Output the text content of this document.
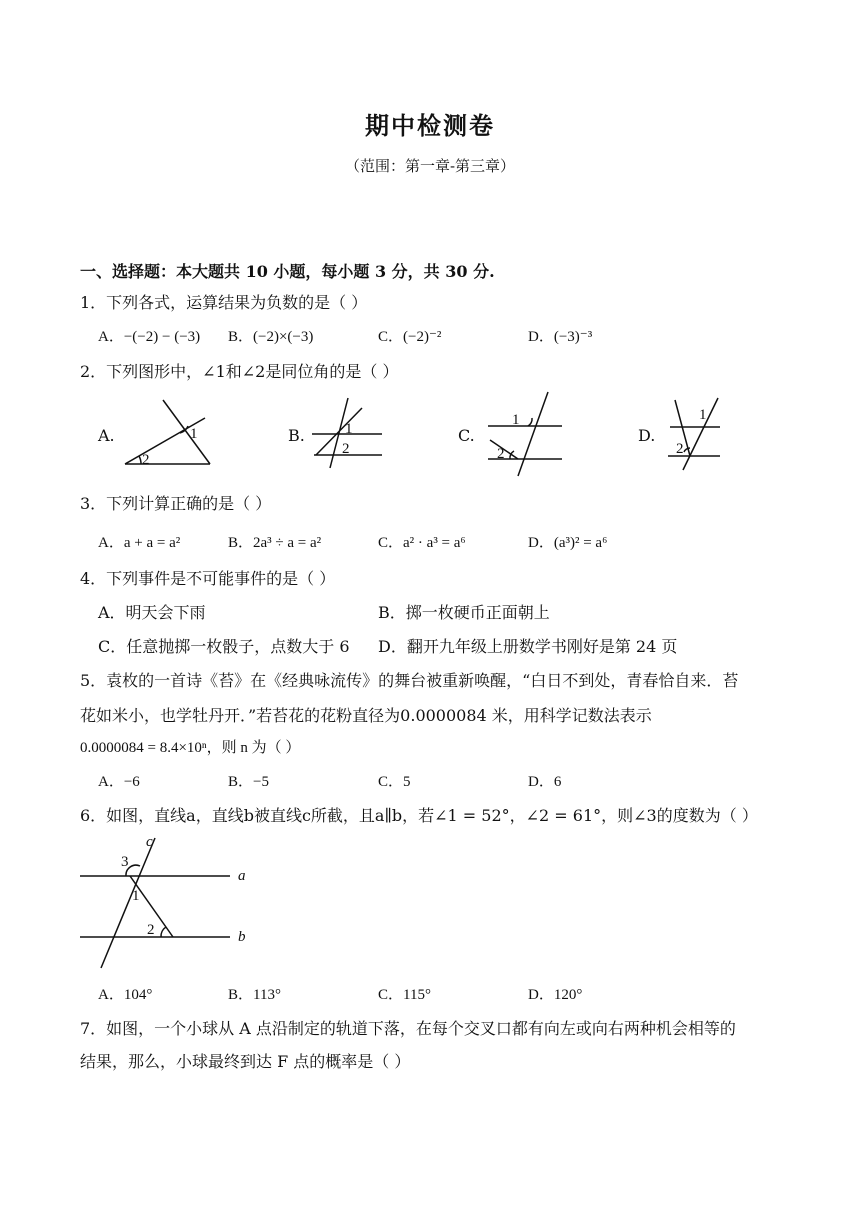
期中检测卷
（范围：第一章-第三章）
一、选择题：本大题共 10 小题，每小题 3 分，共 30 分.
1．下列各式，运算结果为负数的是（ ）
A．−(−2) − (−3) B．(−2)×(−3)	C．(−2)⁻²	D．(−3)⁻³
2．下列图形中，∠1和∠2是同位角的是（ ）
A.	B.	C.	D.
1
2
1
2
1
2
1
2
3
1
2
c
a
b
3．下列计算正确的是（ ）
A．a + a = a²	B．2a³ ÷ a = a²	C．a² · a³ = a⁶	D．(a³)² = a⁶
4．下列事件是不可能事件的是（ ）
A．明天会下雨	B．掷一枚硬币正面朝上
C．任意抛掷一枚骰子，点数大于 6 D．翻开九年级上册数学书刚好是第 24 页
5．袁枚的一首诗《苔》在《经典咏流传》的舞台被重新唤醒，“白日不到处，青春恰自来．苔
花如米小，也学牡丹开．”若苔花的花粉直径为0.0000084 米，用科学记数法表示
0.0000084 = 8.4×10ⁿ，则 n 为（ ）
A．−6	B．−5	C．5	D．6
6．如图，直线a，直线b被直线c所截，且a∥b，若∠1 = 52°，∠2 = 61°，则∠3的度数为（ ）
A．104°	B．113°	C．115°	D．120°
7．如图，一个小球从 A 点沿制定的轨道下落，在每个交叉口都有向左或向右两种机会相等的
结果，那么，小球最终到达 F 点的概率是（ ）
